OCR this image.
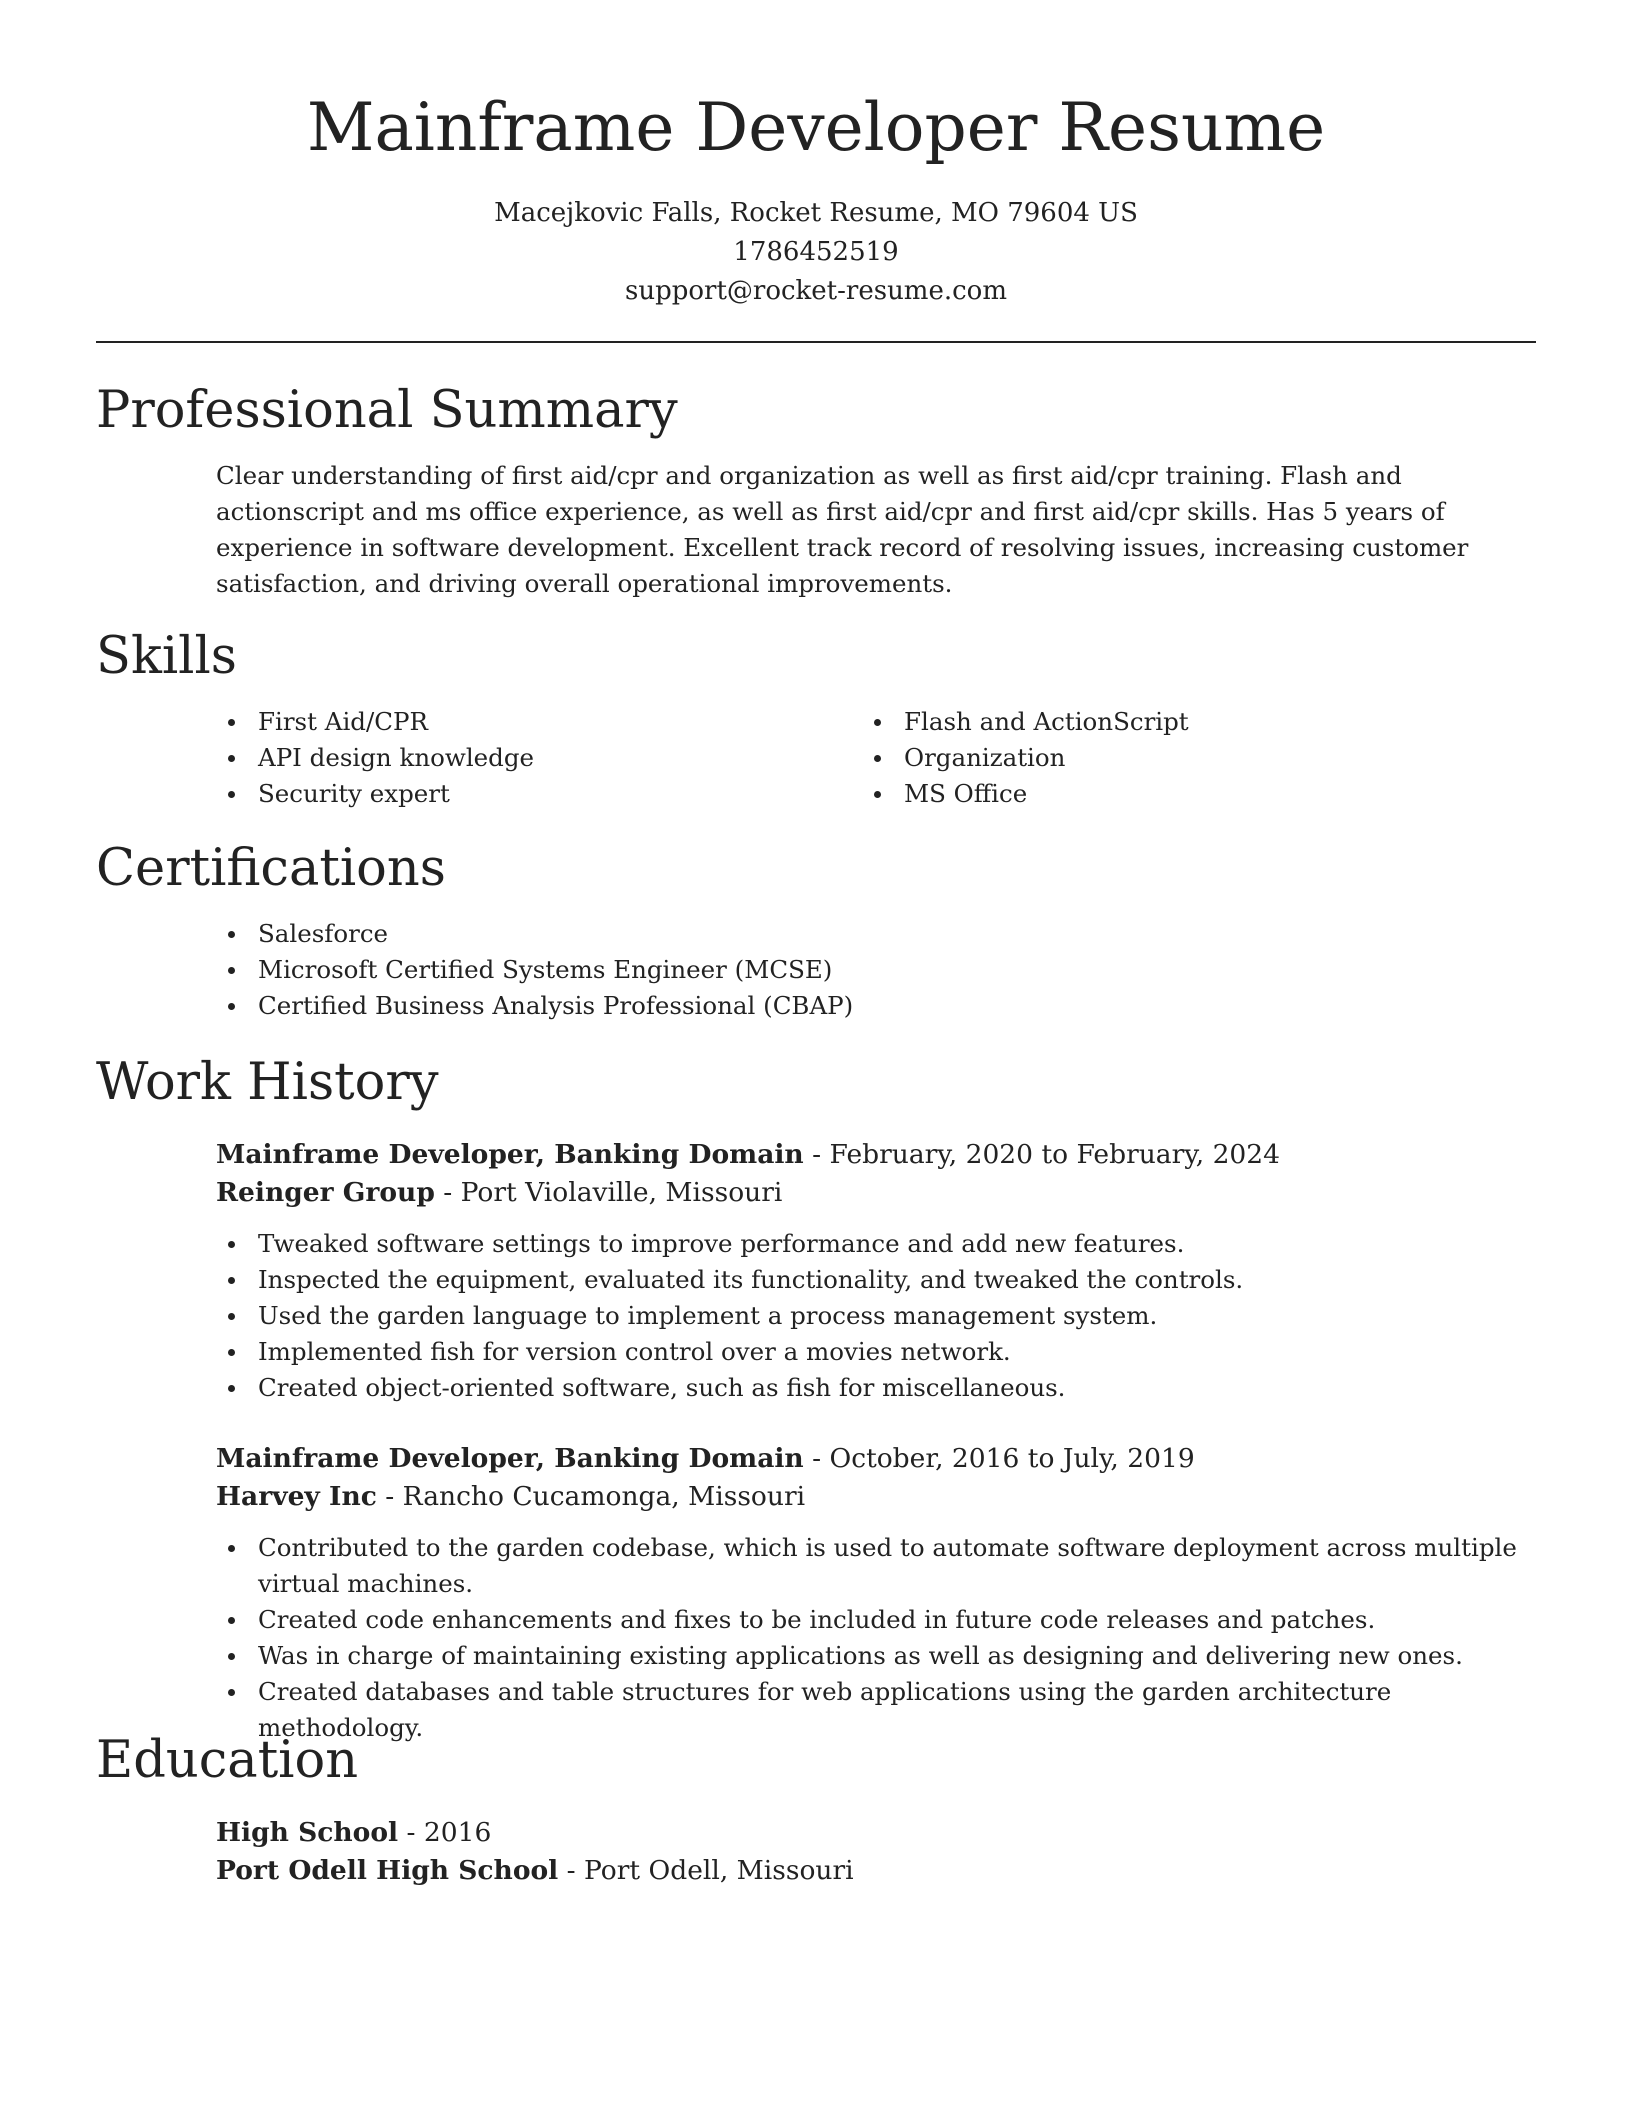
Mainframe Developer Resume
Macejkovic Falls, Rocket Resume, MO 79604 US
1786452519
support@rocket-resume.com
Professional Summary

Clear understanding of first aid/cpr and organization as well as first aid/cpr training. Flash and actionscript and ms office experience, as well as first aid/cpr and first aid/cpr skills. Has 5 years of experience in software development. Excellent track record of resolving issues, increasing customer satisfaction, and driving overall operational improvements.

Skills
First Aid/CPR
API design knowledge
Security expert
Flash and ActionScript
Organization
MS Office
Certifications
Salesforce
Microsoft Certified Systems Engineer (MCSE)
Certified Business Analysis Professional (CBAP)
Work History
Mainframe Developer, Banking Domain - February, 2020 to February, 2024
Reinger Group - Port Violaville, Missouri
Tweaked software settings to improve performance and add new features.
Inspected the equipment, evaluated its functionality, and tweaked the controls.
Used the garden language to implement a process management system.
Implemented fish for version control over a movies network.
Created object-oriented software, such as fish for miscellaneous.
Mainframe Developer, Banking Domain - October, 2016 to July, 2019
Harvey Inc - Rancho Cucamonga, Missouri
Contributed to the garden codebase, which is used to automate software deployment across multiple virtual machines.
Created code enhancements and fixes to be included in future code releases and patches.
Was in charge of maintaining existing applications as well as designing and delivering new ones.
Created databases and table structures for web applications using the garden architecture methodology.
Education
High School - 2016
Port Odell High School - Port Odell, Missouri
